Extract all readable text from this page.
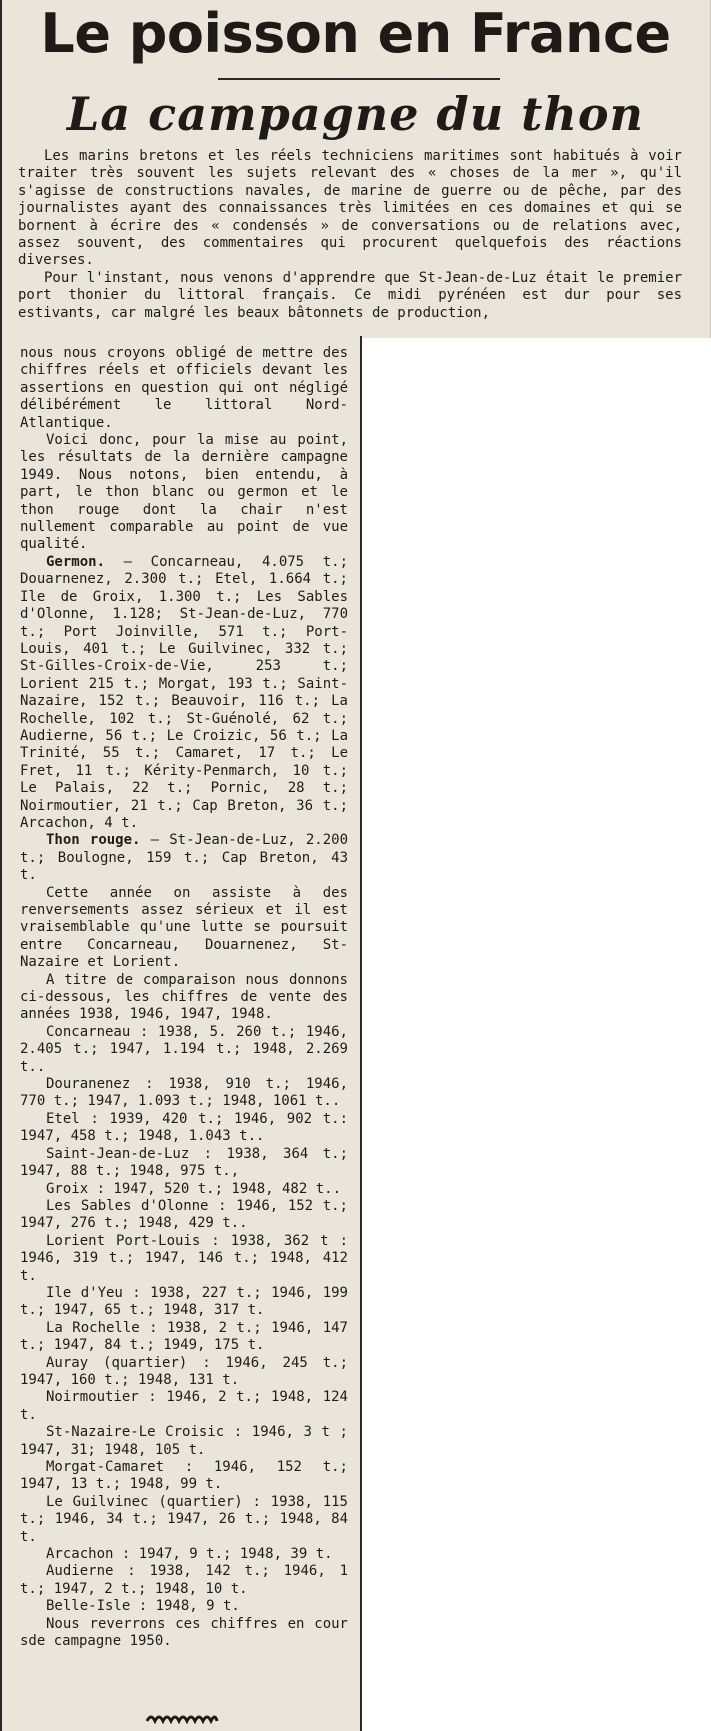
Le poisson en France
La campagne du thon

Les marins bretons et les réels techniciens maritimes sont habitués à voir traiter très souvent les sujets relevant des « choses de la mer », qu'il s'agisse de constructions navales, de marine de guerre ou de pêche, par des journalistes ayant des connaissances très limitées en ces domaines et qui se bornent à écrire des « condensés » de conversations ou de relations avec, assez souvent, des commentaires qui procurent quelquefois des réactions diverses.

Pour l'instant, nous venons d'apprendre que St-Jean-de-Luz était le premier port thonier du littoral français. Ce midi pyrénéen est dur pour ses estivants, car malgré les beaux bâtonnets de production,

nous nous croyons obligé de mettre des chiffres réels et officiels devant les assertions en question qui ont négligé délibérément le littoral Nord-Atlantique.

Voici donc, pour la mise au point, les résultats de la dernière campagne 1949. Nous notons, bien entendu, à part, le thon blanc ou germon et le thon rouge dont la chair n'est nullement comparable au point de vue qualité.

Germon. — Concarneau, 4.075 t.; Douarnenez, 2.300 t.; Etel, 1.664 t.; Ile de Groix, 1.300 t.; Les Sables d'Olonne, 1.128; St-Jean-de-Luz, 770 t.; Port Joinville, 571 t.; Port-Louis, 401 t.; Le Guilvinec, 332 t.; St-Gilles-Croix-de-Vie, 253 t.; Lorient 215 t.; Morgat, 193 t.; Saint-Nazaire, 152 t.; Beauvoir, 116 t.; La Rochelle, 102 t.; St-Guénolé, 62 t.; Audierne, 56 t.; Le Croizic, 56 t.; La Trinité, 55 t.; Camaret, 17 t.; Le Fret, 11 t.; Kérity-Penmarch, 10 t.; Le Palais, 22 t.; Pornic, 28 t.; Noirmoutier, 21 t.; Cap Breton, 36 t.; Arcachon, 4 t.

Thon rouge. — St-Jean-de-Luz, 2.200 t.; Boulogne, 159 t.; Cap Breton, 43 t.

Cette année on assiste à des renversements assez sérieux et il est vraisemblable qu'une lutte se poursuit entre Concarneau, Douarnenez, St-Nazaire et Lorient.

A titre de comparaison nous donnons ci-dessous, les chiffres de vente des années 1938, 1946, 1947, 1948.

Concarneau : 1938, 5. 260 t.; 1946, 2.405 t.; 1947, 1.194 t.; 1948, 2.269 t..

Douranenez : 1938, 910 t.; 1946, 770 t.; 1947, 1.093 t.; 1948, 1061 t..

Etel : 1939, 420 t.; 1946, 902 t.: 1947, 458 t.; 1948, 1.043 t..

Saint-Jean-de-Luz : 1938, 364 t.; 1947, 88 t.; 1948, 975 t.,

Groix : 1947, 520 t.; 1948, 482 t..

Les Sables d'Olonne : 1946, 152 t.; 1947, 276 t.; 1948, 429 t..

Lorient Port-Louis : 1938, 362 t : 1946, 319 t.; 1947, 146 t.; 1948, 412 t.

Ile d'Yeu : 1938, 227 t.; 1946, 199 t.; 1947, 65 t.; 1948, 317 t.

La Rochelle : 1938, 2 t.; 1946, 147 t.; 1947, 84 t.; 1949, 175 t.

Auray (quartier) : 1946, 245 t.; 1947, 160 t.; 1948, 131 t.

Noirmoutier : 1946, 2 t.; 1948, 124 t.

St-Nazaire-Le Croisic : 1946, 3 t ; 1947, 31; 1948, 105 t.

Morgat-Camaret : 1946, 152 t.; 1947, 13 t.; 1948, 99 t.

Le Guilvinec (quartier) : 1938, 115 t.; 1946, 34 t.; 1947, 26 t.; 1948, 84 t.

Arcachon : 1947, 9 t.; 1948, 39 t.

Audierne : 1938, 142 t.; 1946, 1 t.; 1947, 2 t.; 1948, 10 t.

Belle-Isle : 1948, 9 t.

Nous reverrons ces chiffres en cour sde campagne 1950.
